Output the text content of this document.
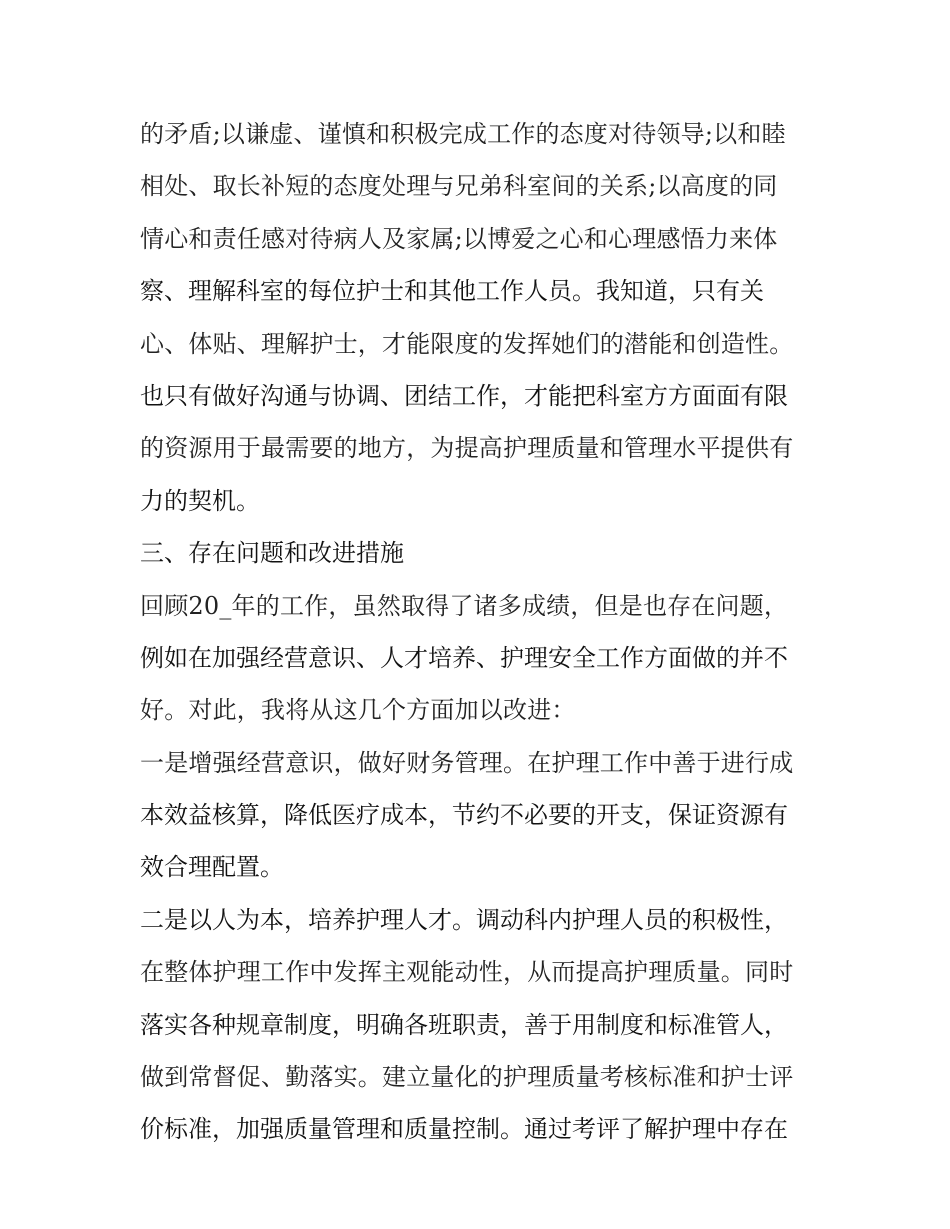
的矛盾;以谦虚、谨慎和积极完成工作的态度对待领导;以和睦
相处、取长补短的态度处理与兄弟科室间的关系;以高度的同
情心和责任感对待病人及家属;以博爱之心和心理感悟力来体
察、理解科室的每位护士和其他工作人员。我知道，只有关
心、体贴、理解护士，才能限度的发挥她们的潜能和创造性。
也只有做好沟通与协调、团结工作，才能把科室方方面面有限
的资源用于最需要的地方，为提高护理质量和管理水平提供有
力的契机。
三、存在问题和改进措施
回顾20_年的工作，虽然取得了诸多成绩，但是也存在问题，
例如在加强经营意识、人才培养、护理安全工作方面做的并不
好。对此，我将从这几个方面加以改进：
一是增强经营意识，做好财务管理。在护理工作中善于进行成
本效益核算，降低医疗成本，节约不必要的开支，保证资源有
效合理配置。
二是以人为本，培养护理人才。调动科内护理人员的积极性，
在整体护理工作中发挥主观能动性，从而提高护理质量。同时
落实各种规章制度，明确各班职责，善于用制度和标准管人，
做到常督促、勤落实。建立量化的护理质量考核标准和护士评
价标准，加强质量管理和质量控制。通过考评了解护理中存在
